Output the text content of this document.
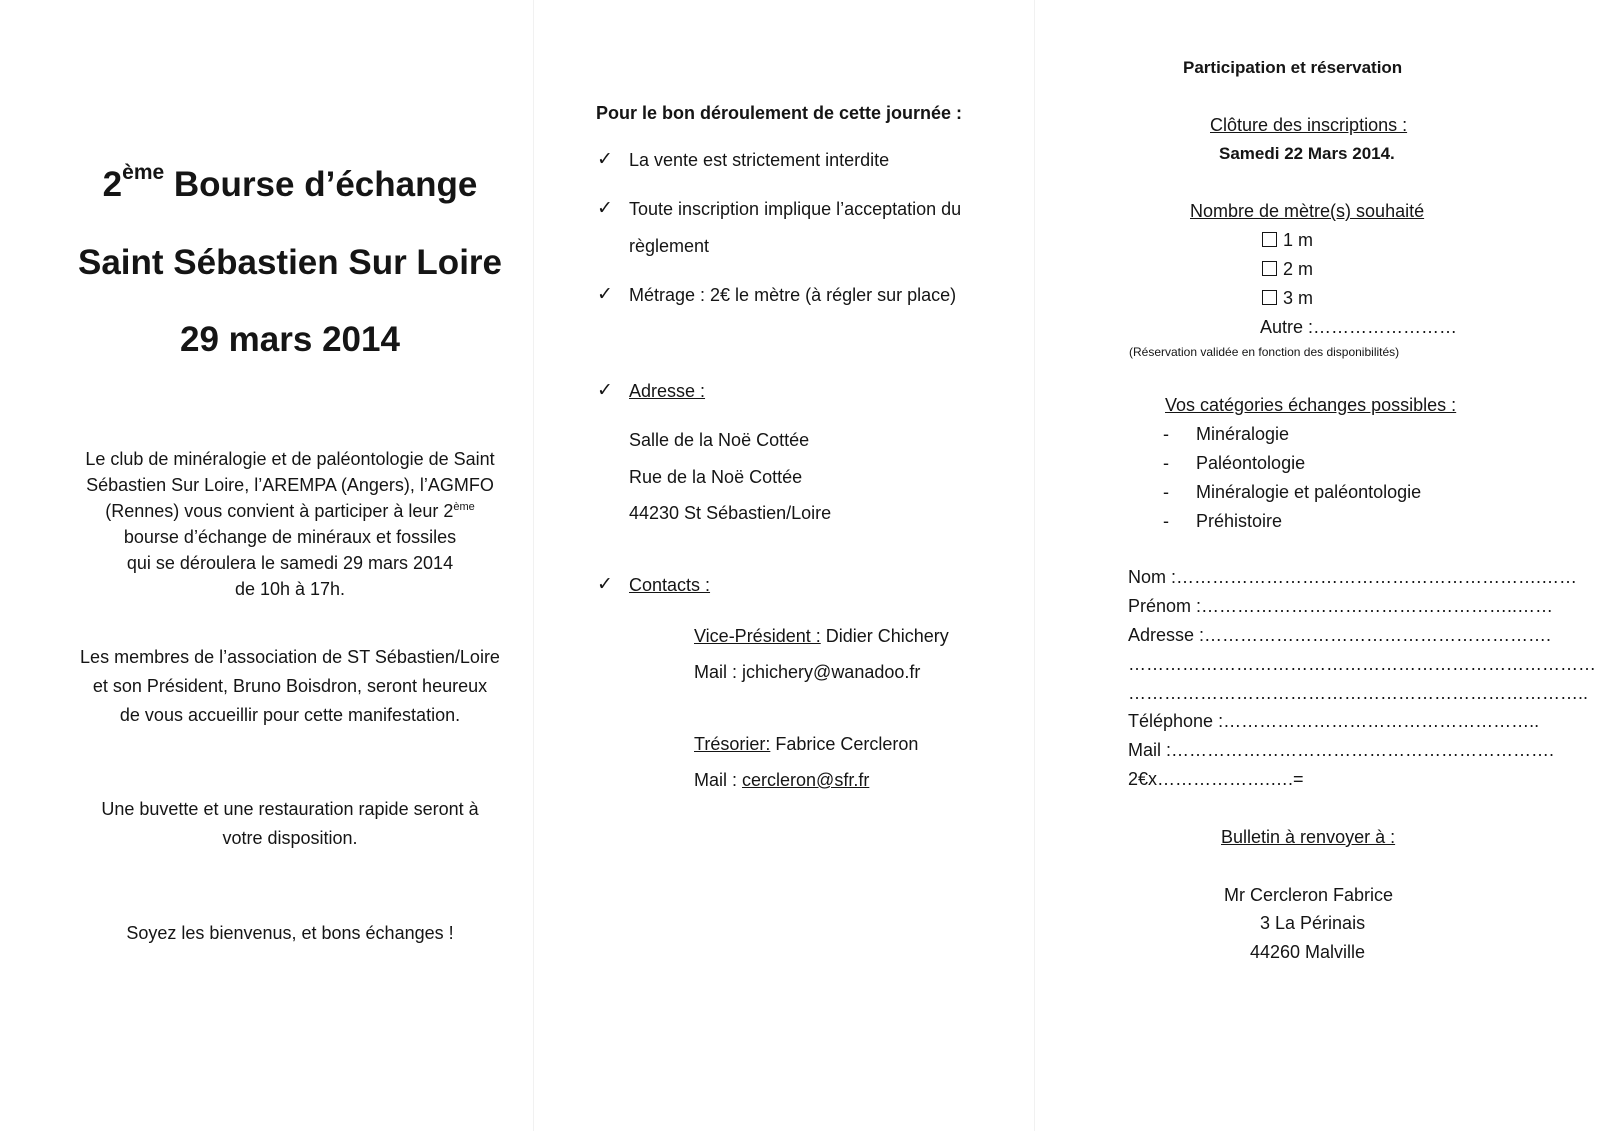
2ème Bourse d’échange
Saint Sébastien Sur Loire
29 mars 2014
Le club de minéralogie et de paléontologie de Saint
Sébastien Sur Loire, l’AREMPA (Angers), l’AGMFO
(Rennes) vous convient à participer à leur 2ème
bourse d’échange de minéraux et fossiles
qui se déroulera le samedi 29 mars 2014
de 10h à 17h.
Les membres de l’association de ST Sébastien/Loire
et son Président, Bruno Boisdron, seront heureux
de vous accueillir pour cette manifestation.
Une buvette et une restauration rapide seront à
votre disposition.
Soyez les bienvenus, et bons échanges !
Pour le bon déroulement de cette journée :
✓ La vente est strictement interdite
✓ Toute inscription implique l’acceptation du
règlement
✓ Métrage : 2€ le mètre (à régler sur place)
✓ Adresse :
Salle de la Noë Cottée
Rue de la Noë Cottée
44230 St Sébastien/Loire
✓ Contacts :
Vice-Président : Didier Chichery
Mail : jchichery@wanadoo.fr
Trésorier: Fabrice Cercleron
Mail : cercleron@sfr.fr
Participation et réservation
Clôture des inscriptions :
Samedi 22 Mars 2014.
Nombre de mètre(s) souhaité
1 m
2 m
3 m
Autre :……………………
(Réservation validée en fonction des disponibilités)
Vos catégories échanges possibles :
- Minéralogie
- Paléontologie
- Minéralogie et paléontologie
- Préhistoire
Nom :…………………………………………………….……
Prénom :……………………………………………..……
Adresse :………………………………………………….
……………………………………………………………………
…………………………………………………………………..
Téléphone :……………………………………………..
Mail :……………………………………………………….
2€x……………….….=
Bulletin à renvoyer à :
Mr Cercleron Fabrice
3 La Périnais
44260 Malville
